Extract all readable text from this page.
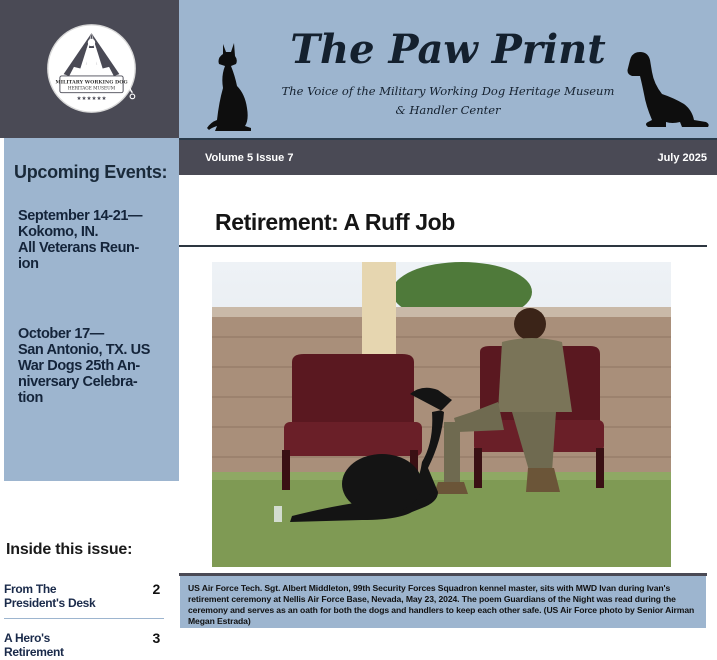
MILITARY WORKING DOG
HERITAGE MUSEUM
★★★★★★
Upcoming Events:
September 14-21—
Kokomo, IN.
All Veterans Reun-
ion
October 17—
San Antonio, TX. US
War Dogs 25th An-
niversary Celebra-
tion
Inside this issue:
From The
President's Desk
2
A Hero's
Retirement
3
The Paw Print
The Voice of the Military Working Dog Heritage Museum
& Handler Center
Volume 5 Issue 7	July 2025
Retirement: A Ruff Job

US Air Force Tech. Sgt. Albert Middleton, 99th Security Forces Squadron kennel master, sits with MWD Ivan during Ivan's retirement ceremony at Nellis Air Force Base, Nevada, May 23, 2024. The poem Guardians of the Night was read during the ceremony and serves as an oath for both the dogs and handlers to keep each other safe. (US Air Force photo by Senior Airman Megan Estrada)
